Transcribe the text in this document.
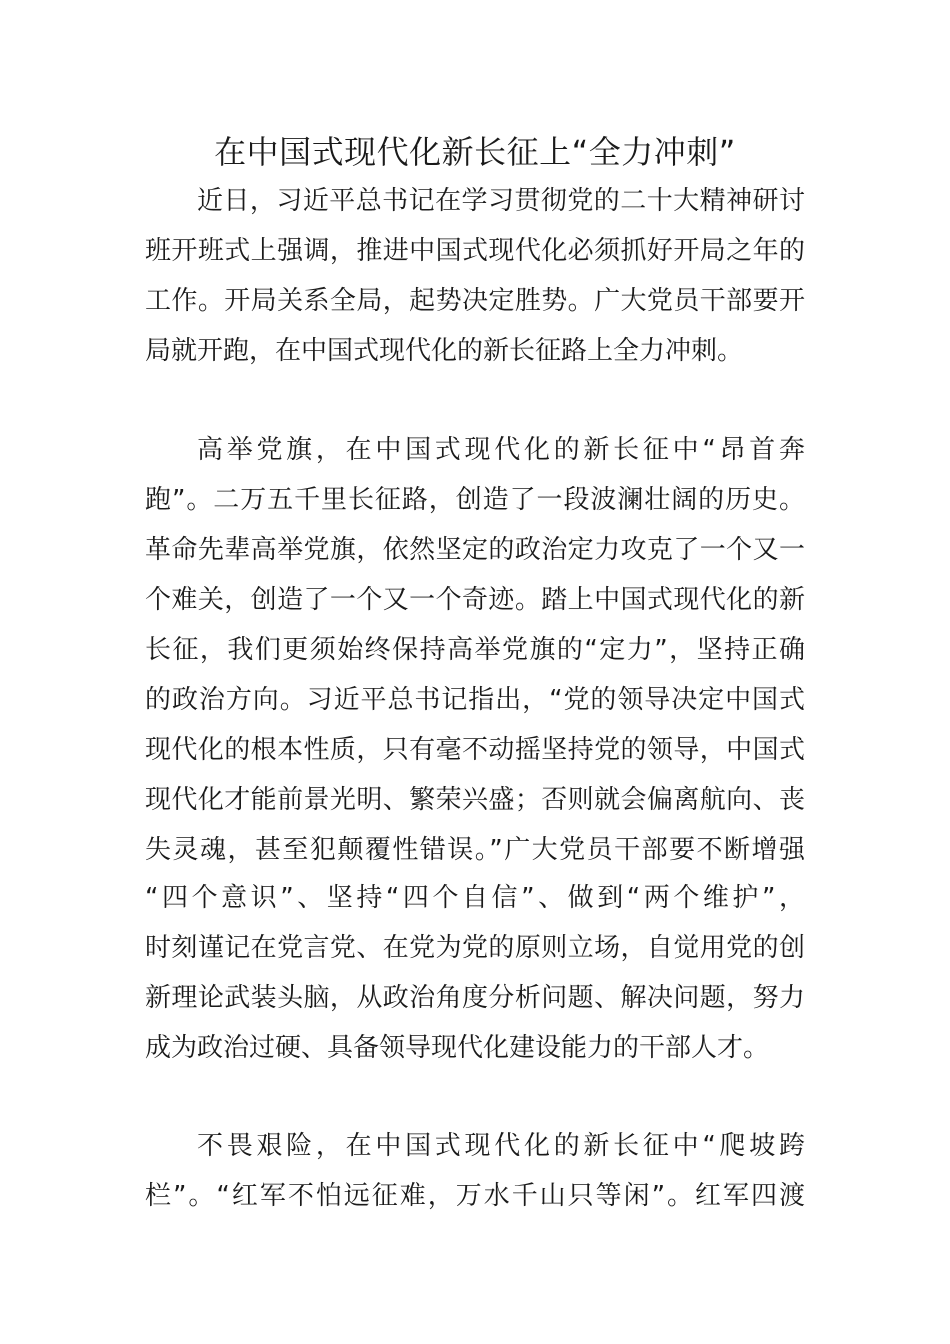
在中国式现代化新长征上“全力冲刺”

近日，习近平总书记在学习贯彻党的二十大精神研讨

班开班式上强调，推进中国式现代化必须抓好开局之年的

工作。开局关系全局，起势决定胜势。广大党员干部要开

局就开跑，在中国式现代化的新长征路上全力冲刺。

高举党旗，在中国式现代化的新长征中“昂首奔

跑”。二万五千里长征路，创造了一段波澜壮阔的历史。

革命先辈高举党旗，依然坚定的政治定力攻克了一个又一

个难关，创造了一个又一个奇迹。踏上中国式现代化的新

长征，我们更须始终保持高举党旗的“定力”，坚持正确

的政治方向。习近平总书记指出，“党的领导决定中国式

现代化的根本性质，只有毫不动摇坚持党的领导，中国式

现代化才能前景光明、繁荣兴盛；否则就会偏离航向、丧

失灵魂，甚至犯颠覆性错误。”广大党员干部要不断增强

“四个意识”、坚持“四个自信”、做到“两个维护”，

时刻谨记在党言党、在党为党的原则立场，自觉用党的创

新理论武装头脑，从政治角度分析问题、解决问题，努力

成为政治过硬、具备领导现代化建设能力的干部人才。

不畏艰险，在中国式现代化的新长征中“爬坡跨

栏”。“红军不怕远征难，万水千山只等闲”。红军四渡
